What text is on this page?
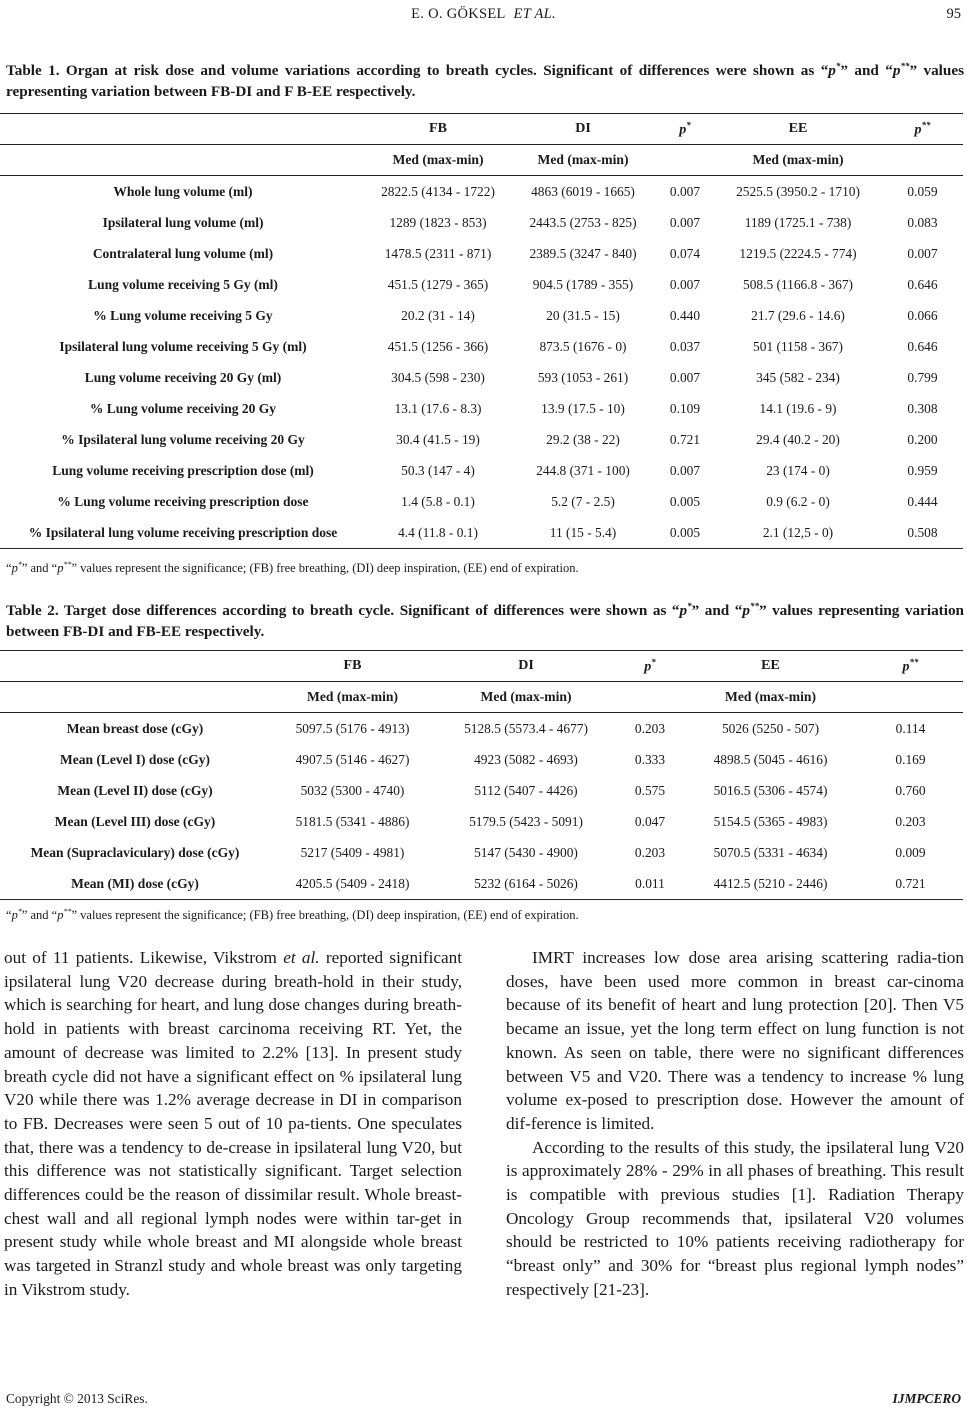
E. O. GÖKSEL ET AL.	95
Table 1. Organ at risk dose and volume variations according to breath cycles. Significant of differences were shown as “p*” and “p**” values representing variation between FB-DI and F B-EE respectively.
	FB	DI	p*	EE	p**
	Med (max-min)	Med (max-min)		Med (max-min)	
Whole lung volume (ml)	2822.5 (4134 - 1722)	4863 (6019 - 1665)	0.007	2525.5 (3950.2 - 1710)	0.059
Ipsilateral lung volume (ml)	1289 (1823 - 853)	2443.5 (2753 - 825)	0.007	1189 (1725.1 - 738)	0.083
Contralateral lung volume (ml)	1478.5 (2311 - 871)	2389.5 (3247 - 840)	0.074	1219.5 (2224.5 - 774)	0.007
Lung volume receiving 5 Gy (ml)	451.5 (1279 - 365)	904.5 (1789 - 355)	0.007	508.5 (1166.8 - 367)	0.646
% Lung volume receiving 5 Gy	20.2 (31 - 14)	20 (31.5 - 15)	0.440	21.7 (29.6 - 14.6)	0.066
Ipsilateral lung volume receiving 5 Gy (ml)	451.5 (1256 - 366)	873.5 (1676 - 0)	0.037	501 (1158 - 367)	0.646
Lung volume receiving 20 Gy (ml)	304.5 (598 - 230)	593 (1053 - 261)	0.007	345 (582 - 234)	0.799
% Lung volume receiving 20 Gy	13.1 (17.6 - 8.3)	13.9 (17.5 - 10)	0.109	14.1 (19.6 - 9)	0.308
% Ipsilateral lung volume receiving 20 Gy	30.4 (41.5 - 19)	29.2 (38 - 22)	0.721	29.4 (40.2 - 20)	0.200
Lung volume receiving prescription dose (ml)	50.3 (147 - 4)	244.8 (371 - 100)	0.007	23 (174 - 0)	0.959
% Lung volume receiving prescription dose	1.4 (5.8 - 0.1)	5.2 (7 - 2.5)	0.005	0.9 (6.2 - 0)	0.444
% Ipsilateral lung volume receiving prescription dose	4.4 (11.8 - 0.1)	11 (15 - 5.4)	0.005	2.1 (12,5 - 0)	0.508
“p*” and “p**” values represent the significance; (FB) free breathing, (DI) deep inspiration, (EE) end of expiration.
Table 2. Target dose differences according to breath cycle. Significant of differences were shown as “p*” and “p**” values representing variation between FB-DI and FB-EE respectively.
	FB	DI	p*	EE	p**
	Med (max-min)	Med (max-min)		Med (max-min)	
Mean breast dose (cGy)	5097.5 (5176 - 4913)	5128.5 (5573.4 - 4677)	0.203	5026 (5250 - 507)	0.114
Mean (Level I) dose (cGy)	4907.5 (5146 - 4627)	4923 (5082 - 4693)	0.333	4898.5 (5045 - 4616)	0.169
Mean (Level II) dose (cGy)	5032 (5300 - 4740)	5112 (5407 - 4426)	0.575	5016.5 (5306 - 4574)	0.760
Mean (Level III) dose (cGy)	5181.5 (5341 - 4886)	5179.5 (5423 - 5091)	0.047	5154.5 (5365 - 4983)	0.203
Mean (Supraclaviculary) dose (cGy)	5217 (5409 - 4981)	5147 (5430 - 4900)	0.203	5070.5 (5331 - 4634)	0.009
Mean (MI) dose (cGy)	4205.5 (5409 - 2418)	5232 (6164 - 5026)	0.011	4412.5 (5210 - 2446)	0.721
“p*” and “p**” values represent the significance; (FB) free breathing, (DI) deep inspiration, (EE) end of expiration.

out of 11 patients. Likewise, Vikstrom et al. reported significant ipsilateral lung V20 decrease during breath-hold in their study, which is searching for heart, and lung dose changes during breath-hold in patients with breast carcinoma receiving RT. Yet, the amount of decrease was limited to 2.2% [13]. In present study breath cycle did not have a significant effect on % ipsilateral lung V20 while there was 1.2% average decrease in DI in comparison to FB. Decreases were seen 5 out of 10 pa-tients. One speculates that, there was a tendency to de-crease in ipsilateral lung V20, but this difference was not statistically significant. Target selection differences could be the reason of dissimilar result. Whole breast-chest wall and all regional lymph nodes were within tar-get in present study while whole breast and MI alongside whole breast was targeted in Stranzl study and whole breast was only targeting in Vikstrom study.

IMRT increases low dose area arising scattering radia-tion doses, have been used more common in breast car-cinoma because of its benefit of heart and lung protection [20]. Then V5 became an issue, yet the long term effect on lung function is not known. As seen on table, there were no significant differences between V5 and V20. There was a tendency to increase % lung volume ex-posed to prescription dose. However the amount of dif-ference is limited.

According to the results of this study, the ipsilateral lung V20 is approximately 28% - 29% in all phases of breathing. This result is compatible with previous studies [1]. Radiation Therapy Oncology Group recommends that, ipsilateral V20 volumes should be restricted to 10% patients receiving radiotherapy for “breast only” and 30% for “breast plus regional lymph nodes” respectively [21-23].

Copyright © 2013 SciRes.	IJMPCERO
